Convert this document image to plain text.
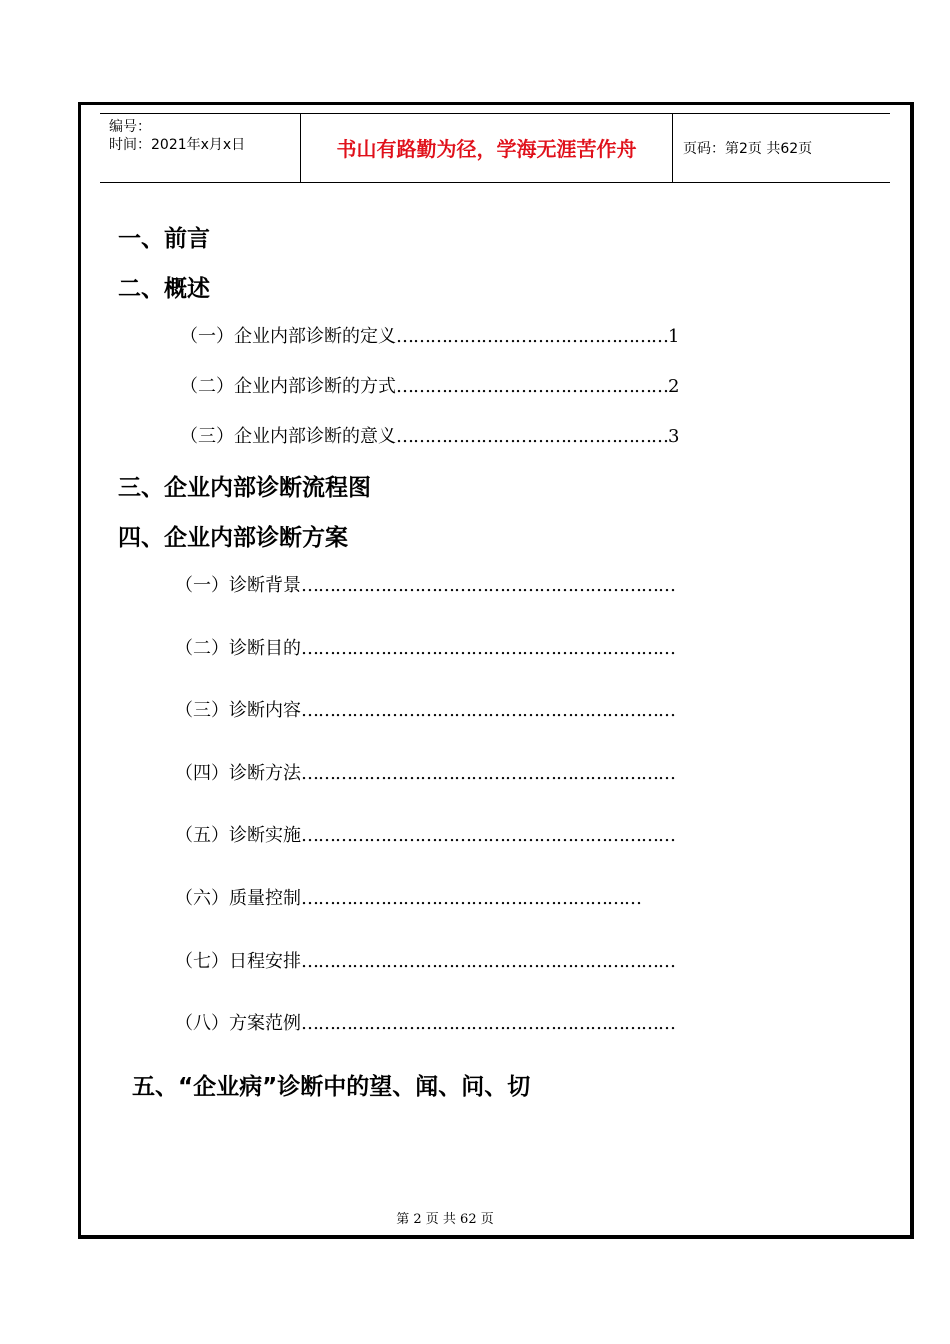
编号：
时间：2021年x月x日	书山有路勤为径，学海无涯苦作舟	页码：第2页 共62页
一、前言
二、概述
（一）企业内部诊断的定义…………………………………………1
（二）企业内部诊断的方式…………………………………………2
（三）企业内部诊断的意义…………………………………………3
三、企业内部诊断流程图
四、企业内部诊断方案
（一）诊断背景…………………………………………………………
（二）诊断目的…………………………………………………………
（三）诊断内容…………………………………………………………
（四）诊断方法…………………………………………………………
（五）诊断实施…………………………………………………………
（六）质量控制……………………………………………………
（七）日程安排…………………………………………………………
（八）方案范例…………………………………………………………
五、“企业病”诊断中的望、闻、问、切
第 2 页 共 62 页
